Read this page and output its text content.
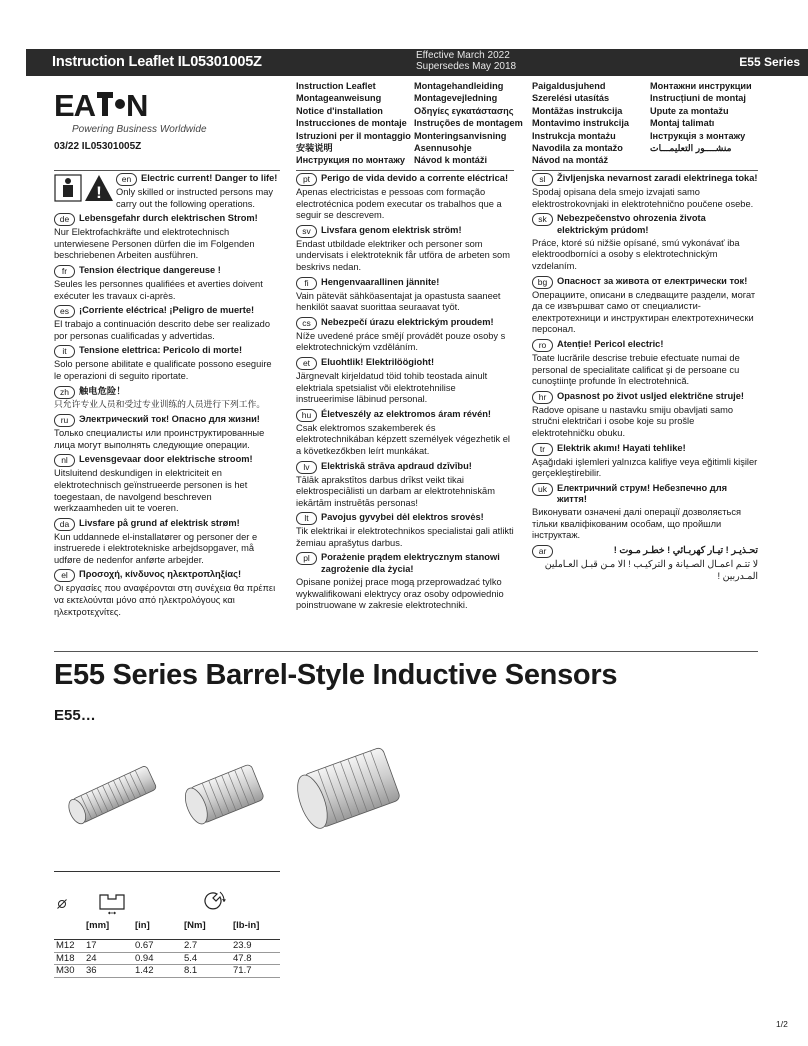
Instruction Leaflet IL05301005Z	Effective March 2022
Supersedes May 2018	E55 Series
EA N
Powering Business Worldwide
03/22 IL05301005Z
Instruction Leaflet
Montageanweisung
Notice d'installation
Instrucciones de montaje
Istruzioni per il montaggio
安装说明
Инструкция по монтажу
Montagehandleiding
Montagevejledning
Οδηγίες εγκατάστασης
Instruções de montagem
Monteringsanvisning
Asennusohje
Návod k montáži
Paigaldusjuhend
Szerelési utasítás
Montāžas instrukcija
Montavimo instrukcija
Instrukcja montażu
Navodila za montažo
Návod na montáž
Монтажни инструкции
Instrucțiuni de montaj
Upute za montažu
Montaj talimatı
Інструкція з монтажу
منشــــور التعليمـــات
!
en	Electric current! Danger to life!
Only skilled or instructed persons may carry out the following operations.
de	Lebensgefahr durch elektrischen Strom!
Nur Elektrofachkräfte und elektrotechnisch unterwiesene Personen dürfen die im Folgenden beschriebenen Arbeiten ausführen.
fr	Tension électrique dangereuse !
Seules les personnes qualifiées et averties doivent exécuter les travaux ci-après.
es	¡Corriente eléctrica! ¡Peligro de muerte!
El trabajo a continuación descrito debe ser realizado por personas cualificadas y advertidas.
it	Tensione elettrica: Pericolo di morte!
Solo persone abilitate e qualificate possono eseguire le operazioni di seguito riportate.
zh	触电危险！
只允许专业人员和受过专业训练的人员进行下列工作。
ru	Электрический ток! Опасно для жизни!
Только специалисты или проинструктированные лица могут выполнять следующие операции.
nl	Levensgevaar door elektrische stroom!
Uitsluitend deskundigen in elektriciteit en elektrotechnisch geïnstrueerde personen is het toegestaan, de navolgend beschreven werkzaamheden uit te voeren.
da	Livsfare på grund af elektrisk strøm!
Kun uddannede el-installatører og personer der e instruerede i elektrotekniske arbejdsopgaver, må udføre de nedenfor anførte arbejder.
el	Προσοχή, κίνδυνος ηλεκτροπληξίας!
Οι εργασίες που αναφέρονται στη συνέχεια θα πρέπει να εκτελούνται μόνο από ηλεκτρολόγους και ηλεκτροτεχνίτες.
pt	Perigo de vida devido a corrente eléctrica!
Apenas electricistas e pessoas com formação electrotécnica podem executar os trabalhos que a seguir se descrevem.
sv	Livsfara genom elektrisk ström!
Endast utbildade elektriker och personer som undervisats i elektroteknik får utföra de arbeten som beskrivs nedan.
fi	Hengenvaarallinen jännite!
Vain pätevät sähköasentajat ja opastusta saaneet henkilöt saavat suorittaa seuraavat työt.
cs	Nebezpečí úrazu elektrickým proudem!
Níže uvedené práce smějí provádět pouze osoby s elektrotechnickým vzděláním.
et	Eluohtlik! Elektrilöögioht!
Järgnevalt kirjeldatud töid tohib teostada ainult elektriala spetsialist või elektrotehnilise instrueerimise läbinud personal.
hu	Életveszély az elektromos áram révén!
Csak elektromos szakemberek és elektrotechnikában képzett személyek végezhetik el a következőkben leírt munkákat.
lv	Elektriskā strāva apdraud dzīvību!
Tālāk aprakstītos darbus drīkst veikt tikai elektrospeciālisti un darbam ar elektrotehniskām iekārtām instruētās personas!
lt	Pavojus gyvybei dėl elektros srovės!
Tik elektrikai ir elektrotechnikos specialistai gali atlikti žemiau aprašytus darbus.
pl	Porażenie prądem elektrycznym stanowi zagrożenie dla życia!
Opisane poniżej prace mogą przeprowadzać tylko wykwalifikowani elektrycy oraz osoby odpowiednio poinstruowane w zakresie elektrotechniki.
sl	Življenjska nevarnost zaradi elektrinega toka!
Spodaj opisana dela smejo izvajati samo elektrostrokovnjaki in elektrotehnično poučene osebe.
sk	Nebezpečenstvo ohrozenia života elektrickým prúdom!
Práce, ktoré sú nižšie opísané, smú vykonávať iba elektroodborníci a osoby s elektrotechnickým vzdelaním.
bg	Опасност за живота от електрически ток!
Операциите, описани в следващите раздели, могат да се извършват само от специалисти-електротехници и инструктиран електротехнически персонал.
ro	Atenție! Pericol electric!
Toate lucrările descrise trebuie efectuate numai de personal de specialitate calificat şi de persoane cu cunoştiinţe profunde în electrotehnică.
hr	Opasnost po život usljed električne struje!
Radove opisane u nastavku smiju obavljati samo stručni električari i osobe koje su prošle elektrotehničku obuku.
tr	Elektrik akımı! Hayati tehlike!
Aşağıdaki işlemleri yalnızca kalifiye veya eğitimli kişiler gerçekleştirebilir.
uk	Електричний струм! Небезпечно для життя!
Виконувати означені далі операції дозволяється тільки кваліфікованим особам, що пройшли інструктаж.
ar	تحـذيـر ! تيـار كهربـائي ! خطـر مـوت !
لا تتـم اعمـال الصـيانة و التركيـب ! الا مـن قبـل العـاملين المـدربين !
E55 Series Barrel-Style Inductive Sensors
E55…
	[mm]	[in]	[Nm]	[lb-in]

M12	17	0.67	2.7	23.9
M18	24	0.94	5.4	47.8
M30	36	1.42	8.1	71.7
1/2
